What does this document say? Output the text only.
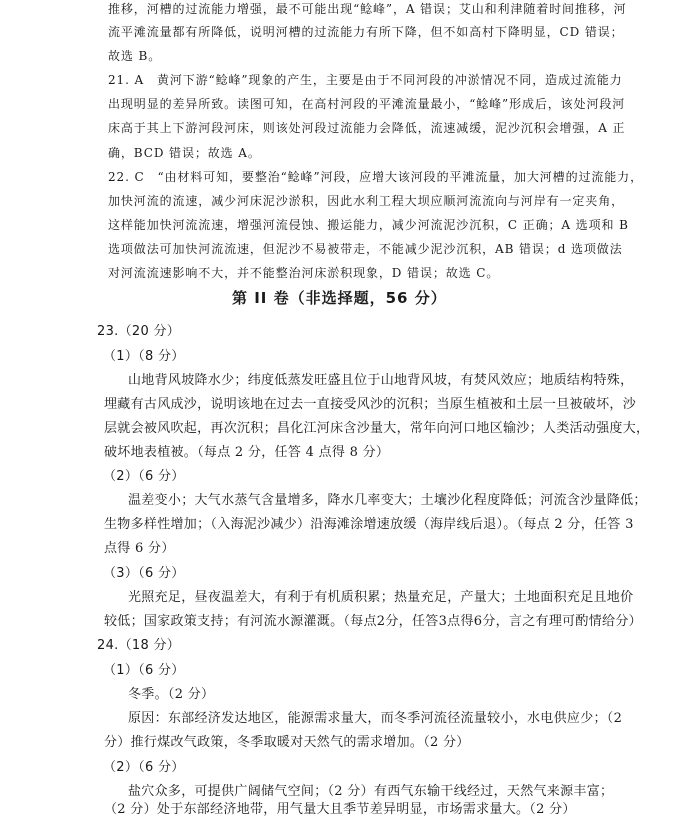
推移，河槽的过流能力增强，最不可能出现“鲶峰”，A 错误；艾山和利津随着时间推移，河
流平滩流量都有所降低，说明河槽的过流能力有所下降，但不如高村下降明显，CD 错误；
故选 B。
21. A　黄河下游“鲶峰”现象的产生，主要是由于不同河段的冲淤情况不同，造成过流能力
出现明显的差异所致。读图可知，在高村河段的平滩流量最小，“鲶峰”形成后，该处河段河
床高于其上下游河段河床，则该处河段过流能力会降低，流速减缓，泥沙沉积会增强，A 正
确，BCD 错误；故选 A。
22. C　“由材料可知，要整治“鲶峰”河段，应增大该河段的平滩流量，加大河槽的过流能力，
加快河流的流速，减少河床泥沙淤积，因此水利工程大坝应顺河流流向与河岸有一定夹角，
这样能加快河流流速，增强河流侵蚀、搬运能力，减少河流泥沙沉积，C 正确；A 选项和 B
选项做法可加快河流流速，但泥沙不易被带走，不能减少泥沙沉积，AB 错误；d 选项做法
对河流流速影响不大，并不能整治河床淤积现象，D 错误；故选 C。
第 II 卷（非选择题，56 分）
23.（20 分）
（1）（8 分）
山地背风坡降水少；纬度低蒸发旺盛且位于山地背风坡，有焚风效应；地质结构特殊，
埋藏有古风成沙，说明该地在过去一直接受风沙的沉积；当原生植被和土层一旦被破坏，沙
层就会被风吹起，再次沉积；昌化江河床含沙量大，常年向河口地区输沙；人类活动强度大，
破坏地表植被。（每点 2 分，任答 4 点得 8 分）
（2）（6 分）
温差变小；大气水蒸气含量增多，降水几率变大；土壤沙化程度降低；河流含沙量降低；
生物多样性增加；（入海泥沙减少）沿海滩涂增速放缓（海岸线后退）。（每点 2 分，任答 3
点得 6 分）
（3）（6 分）
光照充足，昼夜温差大，有利于有机质积累；热量充足，产量大；土地面积充足且地价
较低；国家政策支持；有河流水源灌溉。（每点2分，任答3点得6分，言之有理可酌情给分）
24.（18 分）
（1）（6 分）
冬季。（2 分）
原因：东部经济发达地区，能源需求量大，而冬季河流径流量较小，水电供应少；（2
分）推行煤改气政策，冬季取暖对天然气的需求增加。（2 分）
（2）（6 分）
盐穴众多，可提供广阔储气空间；（2 分）有西气东输干线经过，天然气来源丰富；
（2 分）处于东部经济地带，用气量大且季节差异明显，市场需求量大。（2 分）
